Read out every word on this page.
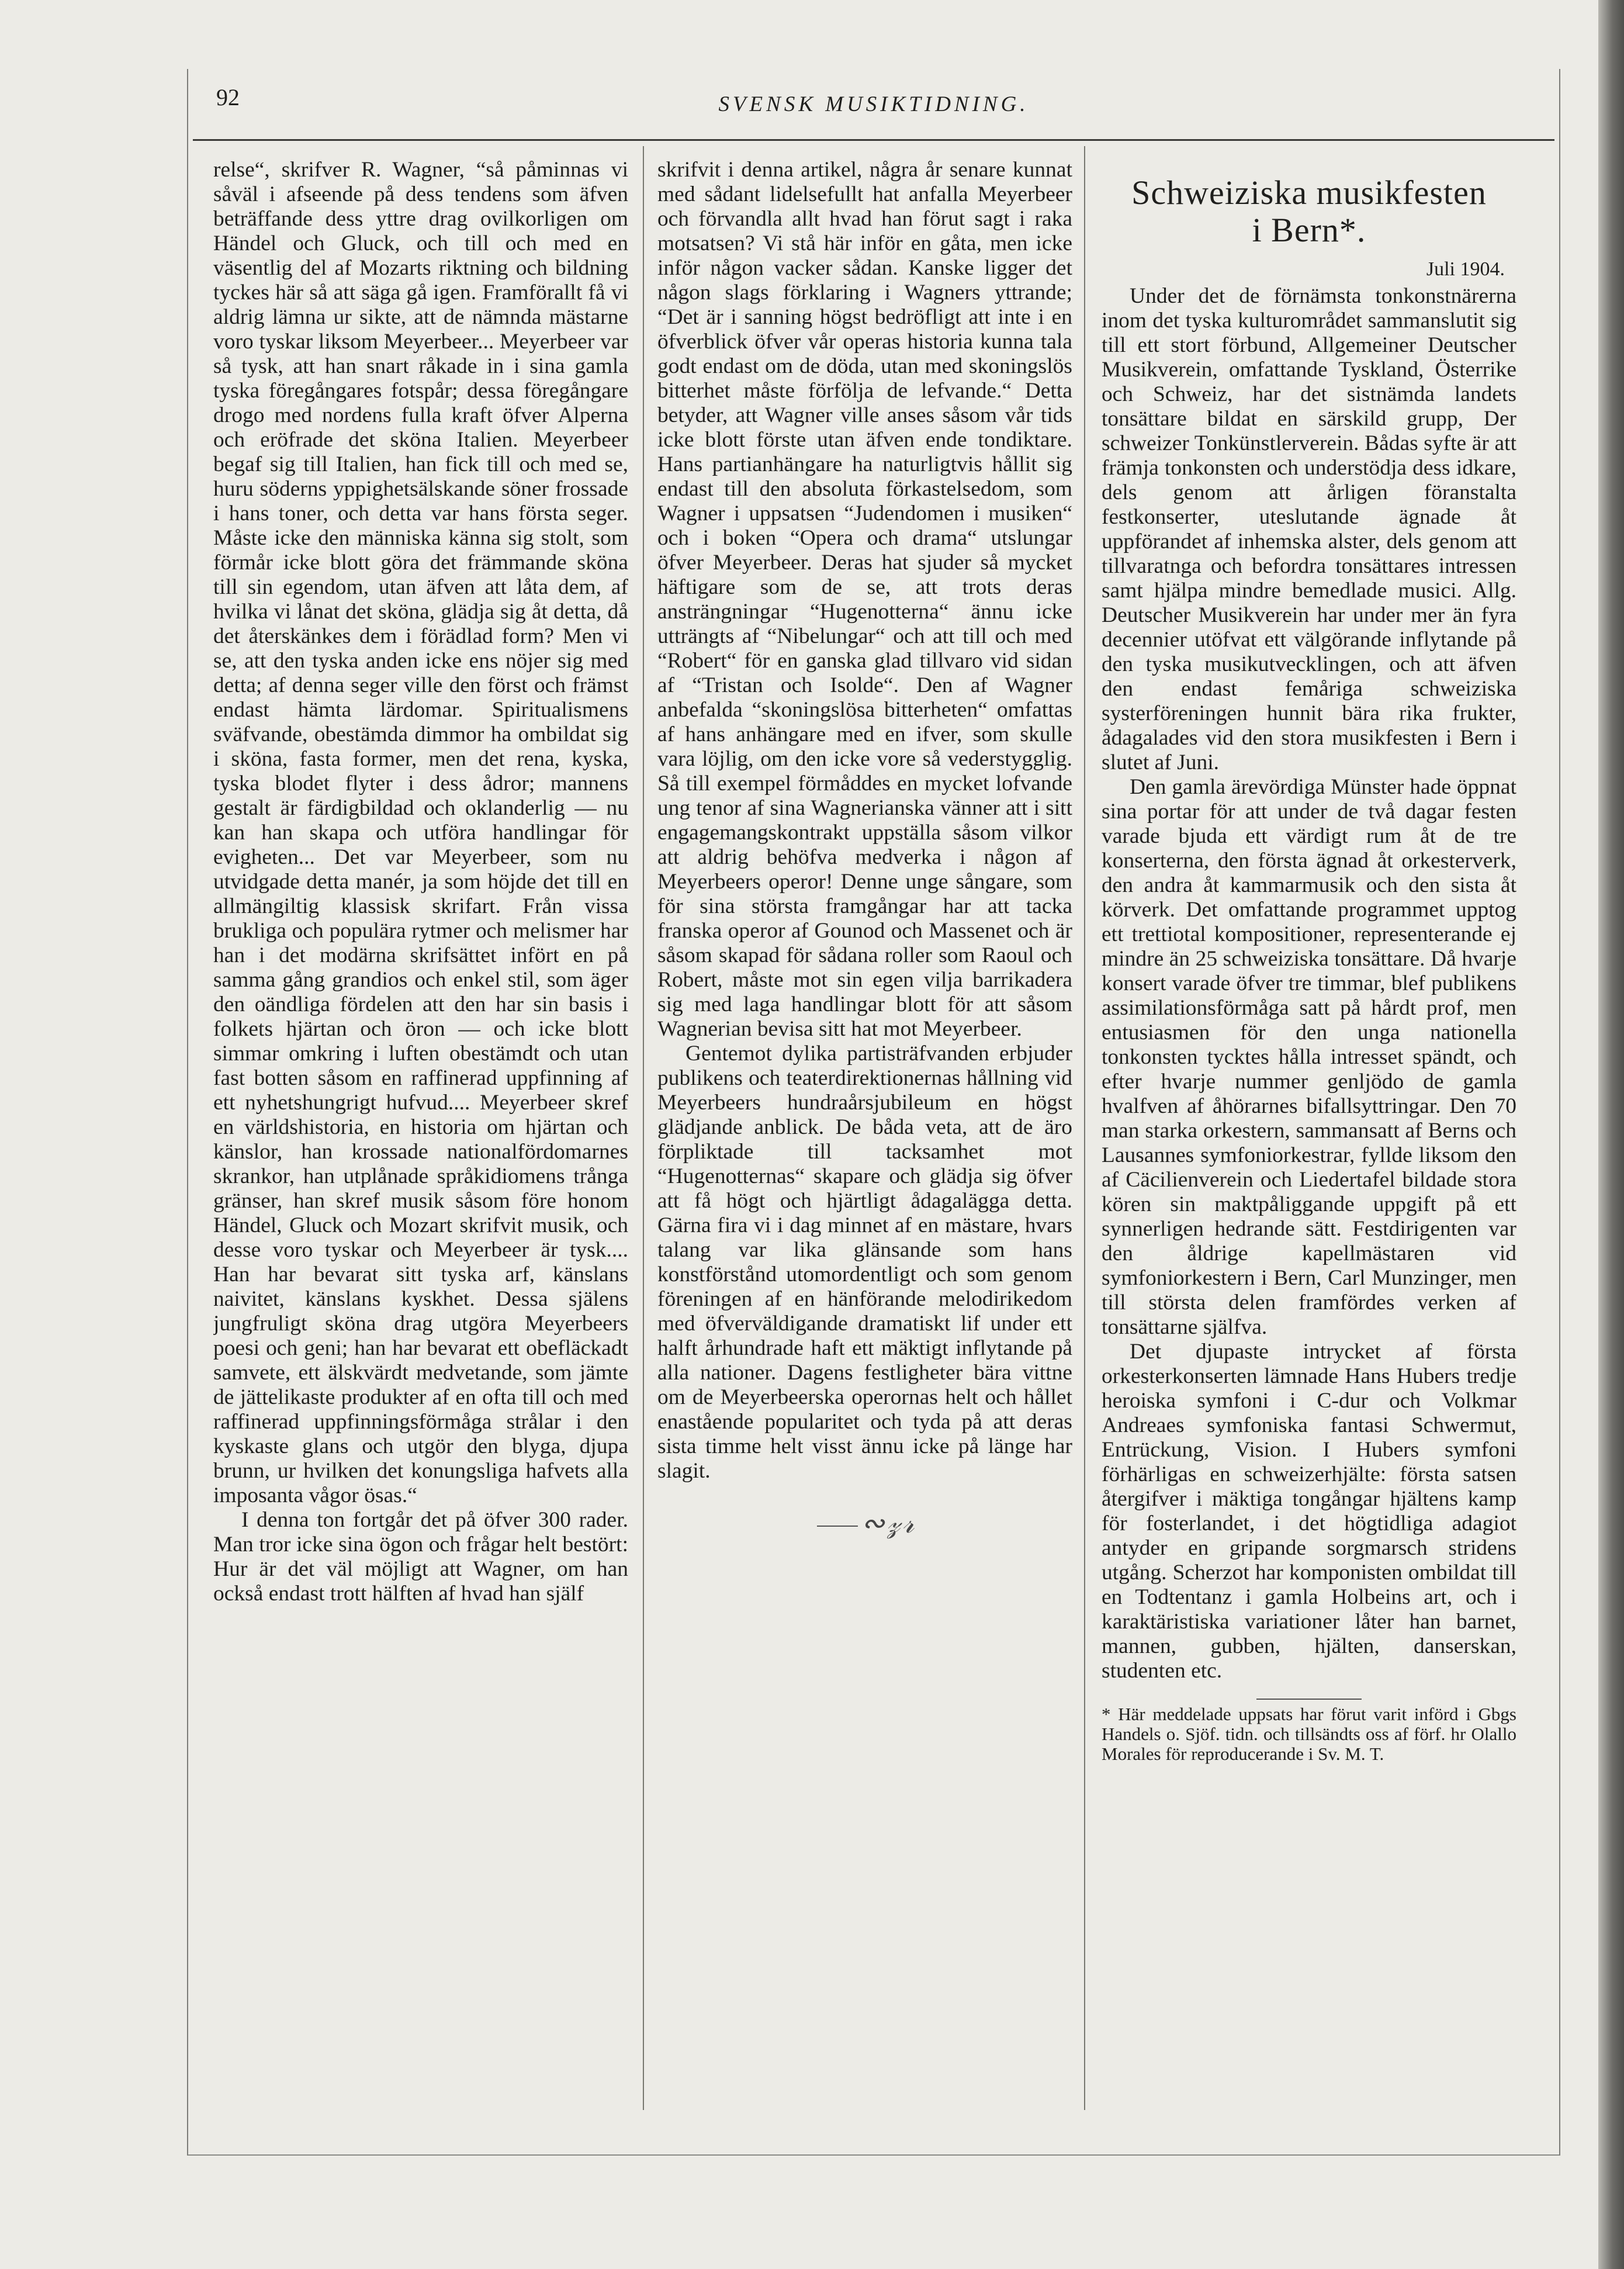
92	SVENSK MUSIKTIDNING.

relse“, skrifver R. Wagner, “så påminnas vi såväl i afseende på dess tendens som äfven beträffande dess yttre drag ovilkorligen om Händel och Gluck, och till och med en väsentlig del af Mozarts riktning och bildning tyckes här så att säga gå igen. Framförallt få vi aldrig lämna ur sikte, att de nämnda mästarne voro tyskar liksom Meyerbeer... Meyerbeer var så tysk, att han snart råkade in i sina gamla tyska föregångares fotspår; dessa föregångare drogo med nordens fulla kraft öfver Alperna och eröfrade det sköna Italien. Meyerbeer begaf sig till Italien, han fick till och med se, huru söderns yppighetsälskande söner frossade i hans toner, och detta var hans första seger. Måste icke den människa känna sig stolt, som förmår icke blott göra det främmande sköna till sin egendom, utan äfven att låta dem, af hvilka vi lånat det sköna, glädja sig åt detta, då det återskänkes dem i förädlad form? Men vi se, att den tyska anden icke ens nöjer sig med detta; af denna seger ville den först och främst endast hämta lärdomar. Spiritualismens sväfvande, obestämda dimmor ha ombildat sig i sköna, fasta former, men det rena, kyska, tyska blodet flyter i dess ådror; mannens gestalt är färdigbildad och oklanderlig — nu kan han skapa och utföra handlingar för evigheten... Det var Meyerbeer, som nu utvidgade detta manér, ja som höjde det till en allmängiltig klassisk skrifart. Från vissa brukliga och populära rytmer och melismer har han i det modärna skrifsättet infört en på samma gång grandios och enkel stil, som äger den oändliga fördelen att den har sin basis i folkets hjärtan och öron — och icke blott simmar omkring i luften obestämdt och utan fast botten såsom en raffinerad uppfinning af ett nyhetshungrigt hufvud.... Meyerbeer skref en världshistoria, en historia om hjärtan och känslor, han krossade nationalfördomarnes skrankor, han utplånade språkidiomens trånga gränser, han skref musik såsom före honom Händel, Gluck och Mozart skrifvit musik, och desse voro tyskar och Meyerbeer är tysk.... Han har bevarat sitt tyska arf, känslans naivitet, känslans kyskhet. Dessa själens jungfruligt sköna drag utgöra Meyerbeers poesi och geni; han har bevarat ett obefläckadt samvete, ett älskvärdt medvetande, som jämte de jättelikaste produkter af en ofta till och med raffinerad uppfinningsförmåga strålar i den kyskaste glans och utgör den blyga, djupa brunn, ur hvilken det konungsliga hafvets alla imposanta vågor ösas.“

I denna ton fortgår det på öfver 300 rader. Man tror icke sina ögon och frågar helt bestört: Hur är det väl möjligt att Wagner, om han också endast trott hälften af hvad han själf

skrifvit i denna artikel, några år senare kunnat med sådant lidelsefullt hat anfalla Meyerbeer och förvandla allt hvad han förut sagt i raka motsatsen? Vi stå här inför en gåta, men icke inför någon vacker sådan. Kanske ligger det någon slags förklaring i Wagners yttrande; “Det är i sanning högst bedröfligt att inte i en öfverblick öfver vår operas historia kunna tala godt endast om de döda, utan med skoningslös bitterhet måste förfölja de lefvande.“ Detta betyder, att Wagner ville anses såsom vår tids icke blott förste utan äfven ende tondiktare. Hans partianhängare ha naturligtvis hållit sig endast till den absoluta förkastelsedom, som Wagner i uppsatsen “Judendomen i musiken“ och i boken “Opera och drama“ utslungar öfver Meyerbeer. Deras hat sjuder så mycket häftigare som de se, att trots deras ansträngningar “Hugenotterna“ ännu icke utträngts af “Nibelungar“ och att till och med “Robert“ för en ganska glad tillvaro vid sidan af “Tristan och Isolde“. Den af Wagner anbefalda “skoningslösa bitterheten“ omfattas af hans anhängare med en ifver, som skulle vara löjlig, om den icke vore så vederstygglig. Så till exempel förmåddes en mycket lofvande ung tenor af sina Wagnerianska vänner att i sitt engagemangskontrakt uppställa såsom vilkor att aldrig behöfva medverka i någon af Meyerbeers operor! Denne unge sångare, som för sina största framgångar har att tacka franska operor af Gounod och Massenet och är såsom skapad för sådana roller som Raoul och Robert, måste mot sin egen vilja barrikadera sig med laga handlingar blott för att såsom Wagnerian bevisa sitt hat mot Meyerbeer.

Gentemot dylika partisträfvanden erbjuder publikens och teaterdirektionernas hållning vid Meyerbeers hundraårsjubileum en högst glädjande anblick. De båda veta, att de äro förpliktade till tacksamhet mot “Hugenotternas“ skapare och glädja sig öfver att få högt och hjärtligt ådagalägga detta. Gärna fira vi i dag minnet af en mästare, hvars talang var lika glänsande som hans konstförstånd utomordentligt och som genom föreningen af en hänförande melodirikedom med öfverväldigande dramatiskt lif under ett halft århundrade haft ett mäktigt inflytande på alla nationer. Dagens festligheter bära vittne om de Meyerbeerska operornas helt och hållet enastående popularitet och tyda på att deras sista timme helt visst ännu icke på länge har slagit.

∾𝓏𝓇
Schweiziska musikfesten
i Bern*.
Juli 1904.

Under det de förnämsta tonkonstnärerna inom det tyska kulturområdet sammanslutit sig till ett stort förbund, Allgemeiner Deutscher Musikverein, omfattande Tyskland, Österrike och Schweiz, har det sistnämda landets tonsättare bildat en särskild grupp, Der schweizer Tonkünstlerverein. Bådas syfte är att främja tonkonsten och understödja dess idkare, dels genom att årligen föranstalta festkonserter, uteslutande ägnade åt uppförandet af inhemska alster, dels genom att tillvaratnga och befordra tonsättares intressen samt hjälpa mindre bemedlade musici. Allg. Deutscher Musikverein har under mer än fyra decennier utöfvat ett välgörande inflytande på den tyska musikutvecklingen, och att äfven den endast femåriga schweiziska systerföreningen hunnit bära rika frukter, ådagalades vid den stora musikfesten i Bern i slutet af Juni.

Den gamla ärevördiga Münster hade öppnat sina portar för att under de två dagar festen varade bjuda ett värdigt rum åt de tre konserterna, den första ägnad åt orkesterverk, den andra åt kammarmusik och den sista åt körverk. Det omfattande programmet upptog ett trettiotal kompositioner, representerande ej mindre än 25 schweiziska tonsättare. Då hvarje konsert varade öfver tre timmar, blef publikens assimilationsförmåga satt på hårdt prof, men entusiasmen för den unga nationella tonkonsten tycktes hålla intresset spändt, och efter hvarje nummer genljödo de gamla hvalfven af åhörarnes bifallsyttringar. Den 70 man starka orkestern, sammansatt af Berns och Lausannes symfoniorkestrar, fyllde liksom den af Cäcilienverein och Liedertafel bildade stora kören sin maktpåliggande uppgift på ett synnerligen hedrande sätt. Festdirigenten var den åldrige kapellmästaren vid symfoniorkestern i Bern, Carl Munzinger, men till största delen framfördes verken af tonsättarne själfva.

Det djupaste intrycket af första orkesterkonserten lämnade Hans Hubers tredje heroiska symfoni i C-dur och Volkmar Andreaes symfoniska fantasi Schwermut, Entrückung, Vision. I Hubers symfoni förhärligas en schweizerhjälte: första satsen återgifver i mäktiga tongångar hjältens kamp för fosterlandet, i det högtidliga adagiot antyder en gripande sorgmarsch stridens utgång. Scherzot har komponisten ombildat till en Todtentanz i gamla Holbeins art, och i karaktäristiska variationer låter han barnet, mannen, gubben, hjälten, danserskan, studenten etc.

* Här meddelade uppsats har förut varit införd i Gbgs Handels o. Sjöf. tidn. och tillsändts oss af förf. hr Olallo Morales för reproducerande i Sv. M. T.
